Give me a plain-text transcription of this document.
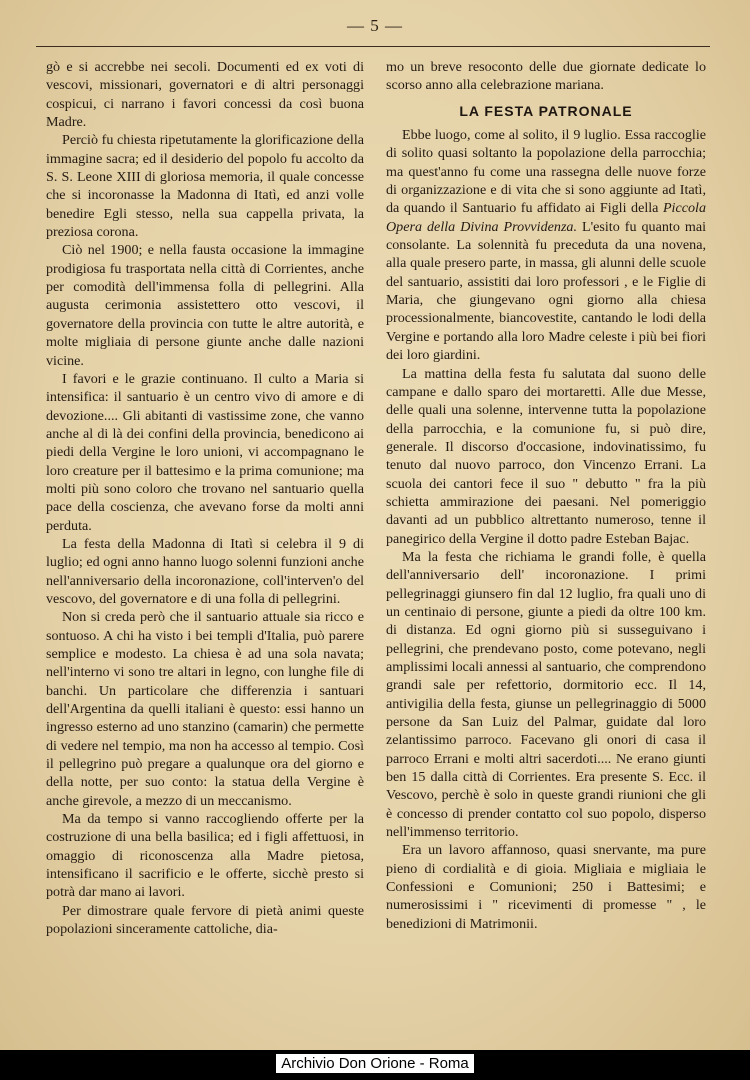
— 5 —

gò e si accrebbe nei secoli. Documenti ed ex voti di vescovi, missionari, governatori e di altri personaggi cospicui, ci narrano i favori concessi da così buona Madre.

Perciò fu chiesta ripetutamente la glorificazione della immagine sacra; ed il desiderio del popolo fu accolto da S. S. Leone XIII di gloriosa memoria, il quale concesse che si incoronasse la Madonna di Itatì, ed anzi volle benedire Egli stesso, nella sua cappella privata, la preziosa corona.

Ciò nel 1900; e nella fausta occasione la immagine prodigiosa fu trasportata nella città di Corrientes, anche per comodità dell'immensa folla di pellegrini. Alla augusta cerimonia assistettero otto vescovi, il governatore della provincia con tutte le altre autorità, e molte migliaia di persone giunte anche dalle nazioni vicine.

I favori e le grazie continuano. Il culto a Maria si intensifica: il santuario è un centro vivo di amore e di devozione.... Gli abitanti di vastissime zone, che vanno anche al di là dei confini della provincia, benedicono ai piedi della Vergine le loro unioni, vi accompagnano le loro creature per il battesimo e la prima comunione; ma molti più sono coloro che trovano nel santuario quella pace della coscienza, che avevano forse da molti anni perduta.

La festa della Madonna di Itatì si celebra il 9 di luglio; ed ogni anno hanno luogo solenni funzioni anche nell'anniversario della incoronazione, coll'interven'o del vescovo, del governatore e di una folla di pellegrini.

Non si creda però che il santuario attuale sia ricco e sontuoso. A chi ha visto i bei templi d'Italia, può parere semplice e modesto. La chiesa è ad una sola navata; nell'interno vi sono tre altari in legno, con lunghe file di banchi. Un particolare che differenzia i santuari dell'Argentina da quelli italiani è questo: essi hanno un ingresso esterno ad uno stanzino (camarin) che permette di vedere nel tempio, ma non ha accesso al tempio. Così il pellegrino può pregare a qualunque ora del giorno e della notte, per suo conto: la statua della Vergine è anche girevole, a mezzo di un meccanismo.

Ma da tempo si vanno raccogliendo offerte per la costruzione di una bella basilica; ed i figli affettuosi, in omaggio di riconoscenza alla Madre pietosa, intensificano il sacrificio e le offerte, sicchè presto si potrà dar mano ai lavori.

Per dimostrare quale fervore di pietà animi queste popolazioni sinceramente cattoliche, dia-

mo un breve resoconto delle due giornate dedicate lo scorso anno alla celebrazione mariana.

LA FESTA PATRONALE

Ebbe luogo, come al solito, il 9 luglio. Essa raccoglie di solito quasi soltanto la popolazione della parrocchia; ma quest'anno fu come una rassegna delle nuove forze di organizzazione e di vita che si sono aggiunte ad Itatì, da quando il Santuario fu affidato ai Figli della Piccola Opera della Divina Provvidenza. L'esito fu quanto mai consolante. La solennità fu preceduta da una novena, alla quale presero parte, in massa, gli alunni delle scuole del santuario, assistiti dai loro professori , e le Figlie di Maria, che giungevano ogni giorno alla chiesa processionalmente, biancovestite, cantando le lodi della Vergine e portando alla loro Madre celeste i più bei fiori dei loro giardini.

La mattina della festa fu salutata dal suono delle campane e dallo sparo dei mortaretti. Alle due Messe, delle quali una solenne, intervenne tutta la popolazione della parrocchia, e la comunione fu, si può dire, generale. Il discorso d'occasione, indovinatissimo, fu tenuto dal nuovo parroco, don Vincenzo Errani. La scuola dei cantori fece il suo " debutto " fra la più schietta ammirazione dei paesani. Nel pomeriggio davanti ad un pubblico altrettanto numeroso, tenne il panegirico della Vergine il dotto padre Esteban Bajac.

Ma la festa che richiama le grandi folle, è quella dell'anniversario dell' incoronazione. I primi pellegrinaggi giunsero fin dal 12 luglio, fra quali uno di un centinaio di persone, giunte a piedi da oltre 100 km. di distanza. Ed ogni giorno più si susseguivano i pellegrini, che prendevano posto, come potevano, negli amplissimi locali annessi al santuario, che comprendono grandi sale per refettorio, dormitorio ecc. Il 14, antivigilia della festa, giunse un pellegrinaggio di 5000 persone da San Luiz del Palmar, guidate dal loro zelantissimo parroco. Facevano gli onori di casa il parroco Errani e molti altri sacerdoti.... Ne erano giunti ben 15 dalla città di Corrientes. Era presente S. Ecc. il Vescovo, perchè è solo in queste grandi riunioni che gli è concesso di prender contatto col suo popolo, disperso nell'immenso territorio.

Era un lavoro affannoso, quasi snervante, ma pure pieno di cordialità e di gioia. Migliaia e migliaia le Confessioni e Comunioni; 250 i Battesimi; e numerosissimi i " ricevimenti di promesse " , le benedizioni di Matrimonii.

Archivio Don Orione - Roma
